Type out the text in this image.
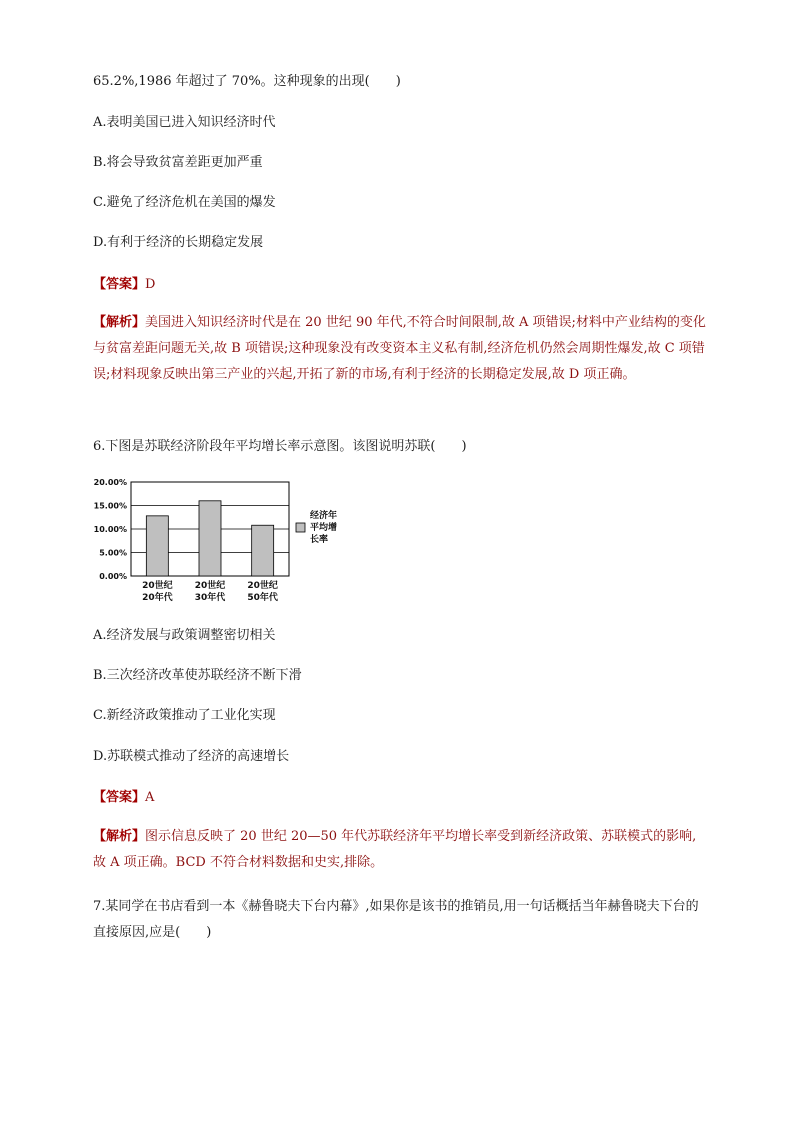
65.2%,1986 年超过了 70%。这种现象的出现(　　)
A.表明美国已进入知识经济时代
B.将会导致贫富差距更加严重
C.避免了经济危机在美国的爆发
D.有利于经济的长期稳定发展
【答案】D
【解析】美国进入知识经济时代是在 20 世纪 90 年代,不符合时间限制,故 A 项错误;材料中产业结构的变化与贫富差距问题无关,故 B 项错误;这种现象没有改变资本主义私有制,经济危机仍然会周期性爆发,故 C 项错误;材料现象反映出第三产业的兴起,开拓了新的市场,有利于经济的长期稳定发展,故 D 项正确。
6.下图是苏联经济阶段年平均增长率示意图。该图说明苏联(　　)
0.00%
5.00%
10.00%
15.00%
20.00%
20世纪
20年代
20世纪
30年代
20世纪
50年代
经济年
平均增
长率
A.经济发展与政策调整密切相关
B.三次经济改革使苏联经济不断下滑
C.新经济政策推动了工业化实现
D.苏联模式推动了经济的高速增长
【答案】A
【解析】图示信息反映了 20 世纪 20—50 年代苏联经济年平均增长率受到新经济政策、苏联模式的影响,故 A 项正确。BCD 不符合材料数据和史实,排除。
7.某同学在书店看到一本《赫鲁晓夫下台内幕》,如果你是该书的推销员,用一句话概括当年赫鲁晓夫下台的直接原因,应是(　　)
